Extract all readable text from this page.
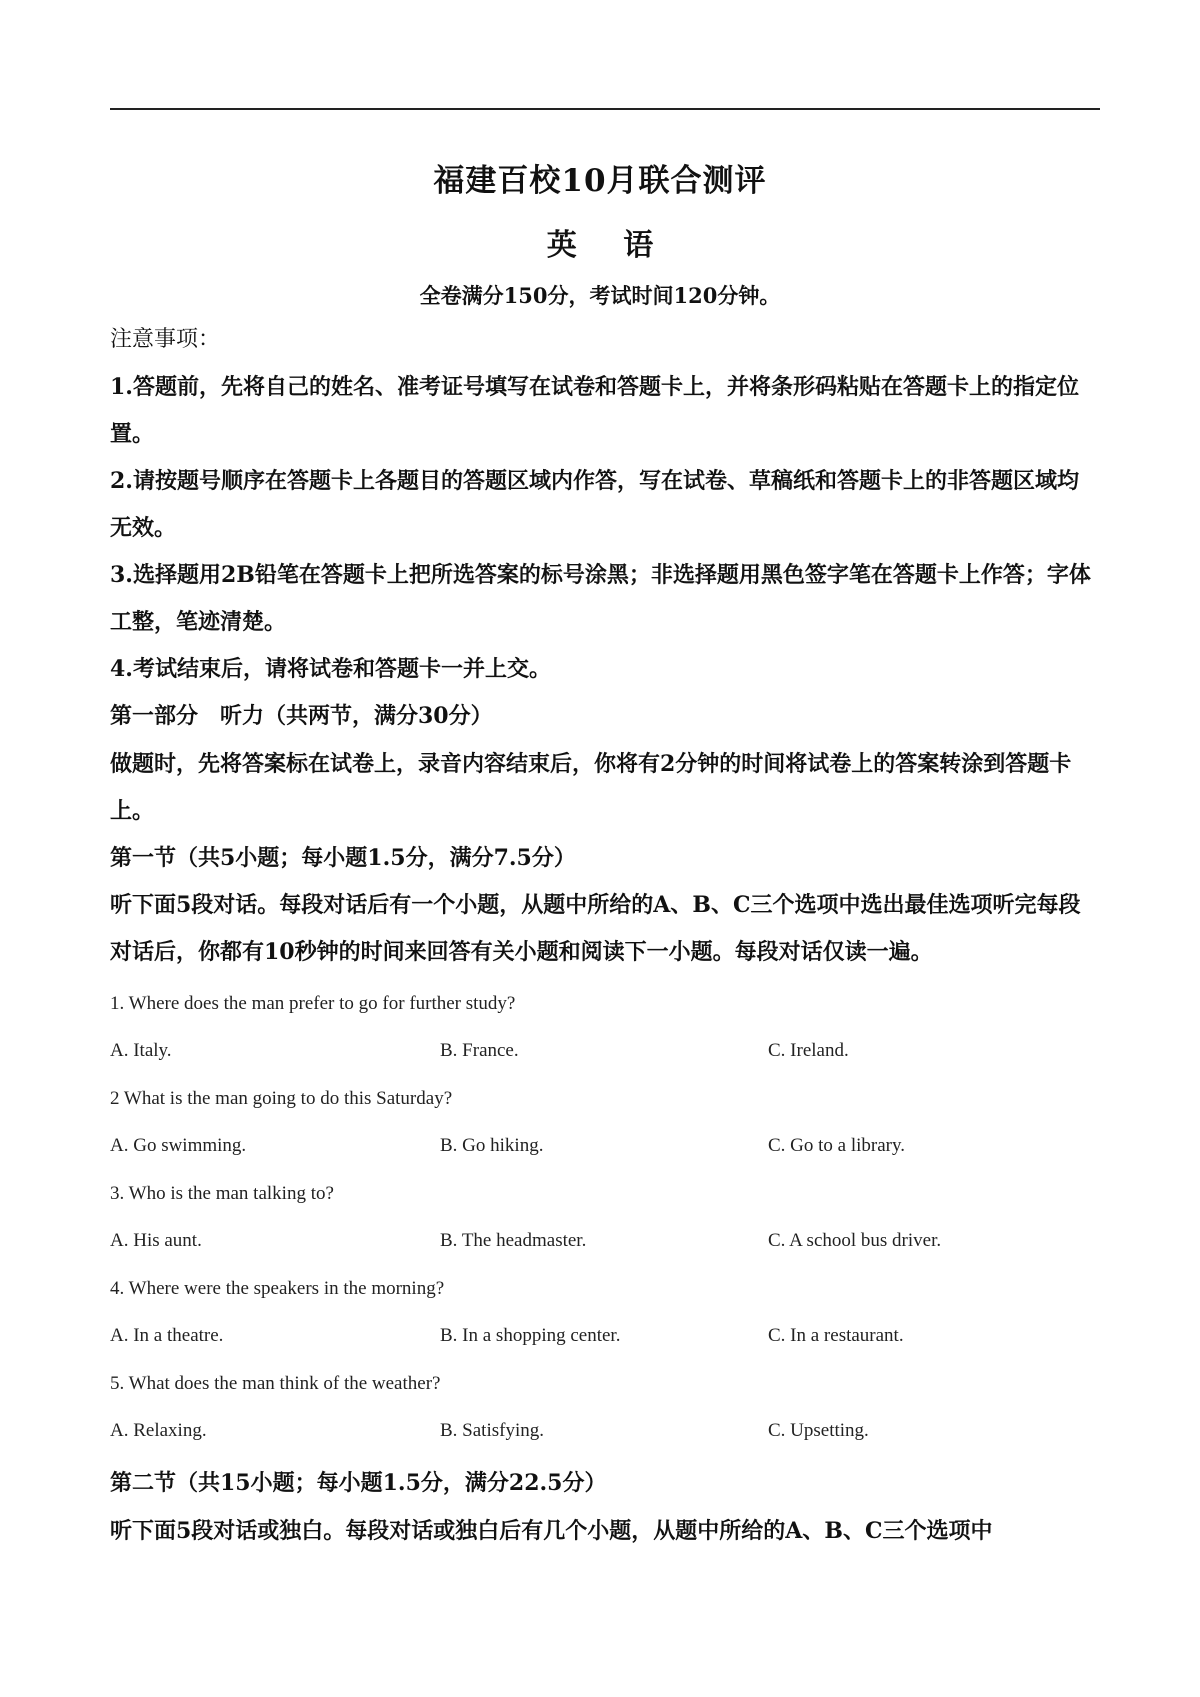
福建百校10月联合测评
英 语
全卷满分150分，考试时间120分钟。
注意事项：
1.答题前，先将自己的姓名、准考证号填写在试卷和答题卡上，并将条形码粘贴在答题卡上的指定位置。
2.请按题号顺序在答题卡上各题目的答题区域内作答，写在试卷、草稿纸和答题卡上的非答题区域均无效。
3.选择题用2B铅笔在答题卡上把所选答案的标号涂黑；非选择题用黑色签字笔在答题卡上作答；字体工整，笔迹清楚。
4.考试结束后，请将试卷和答题卡一并上交。
第一部分　听力（共两节，满分30分）
做题时，先将答案标在试卷上，录音内容结束后，你将有2分钟的时间将试卷上的答案转涂到答题卡上。
第一节（共5小题；每小题1.5分，满分7.5分）
听下面5段对话。每段对话后有一个小题，从题中所给的A、B、C三个选项中选出最佳选项听完每段对话后，你都有10秒钟的时间来回答有关小题和阅读下一小题。每段对话仅读一遍。
1. Where does the man prefer to go for further study?
A. Italy.	B. France.	C. Ireland.
2 What is the man going to do this Saturday?
A. Go swimming.	B. Go hiking.	C. Go to a library.
3. Who is the man talking to?
A. His aunt.	B. The headmaster.	C. A school bus driver.
4. Where were the speakers in the morning?
A. In a theatre.	B. In a shopping center.	C. In a restaurant.
5. What does the man think of the weather?
A. Relaxing.	B. Satisfying.	C. Upsetting.
第二节（共15小题；每小题1.5分，满分22.5分）
听下面5段对话或独白。每段对话或独白后有几个小题，从题中所给的A、B、C三个选项中
